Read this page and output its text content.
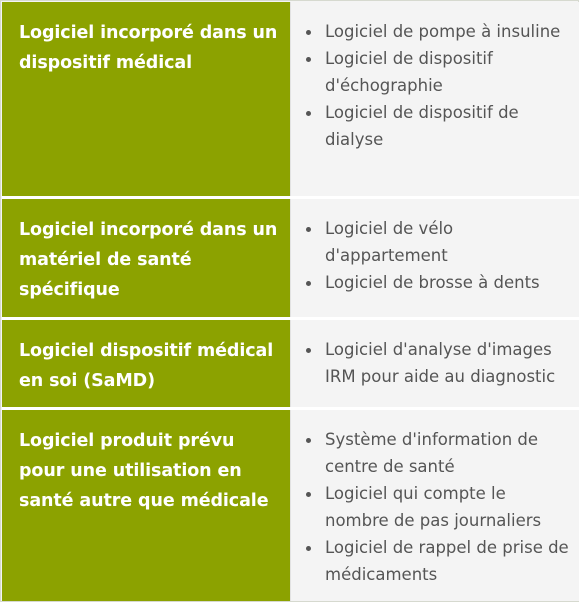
Logiciel incorporé dans un dispositif médical
Logiciel de pompe à insuline
Logiciel de dispositif d'échographie
Logiciel de dispositif de dialyse
Logiciel incorporé dans un matériel de santé spécifique
Logiciel de vélo d'appartement
Logiciel de brosse à dents
Logiciel dispositif médical en soi (SaMD)
Logiciel d'analyse d'images IRM pour aide au diagnostic
Logiciel produit prévu pour une utilisation en santé autre que médicale
Système d'information de centre de santé
Logiciel qui compte le nombre de pas journaliers
Logiciel de rappel de prise de médicaments
